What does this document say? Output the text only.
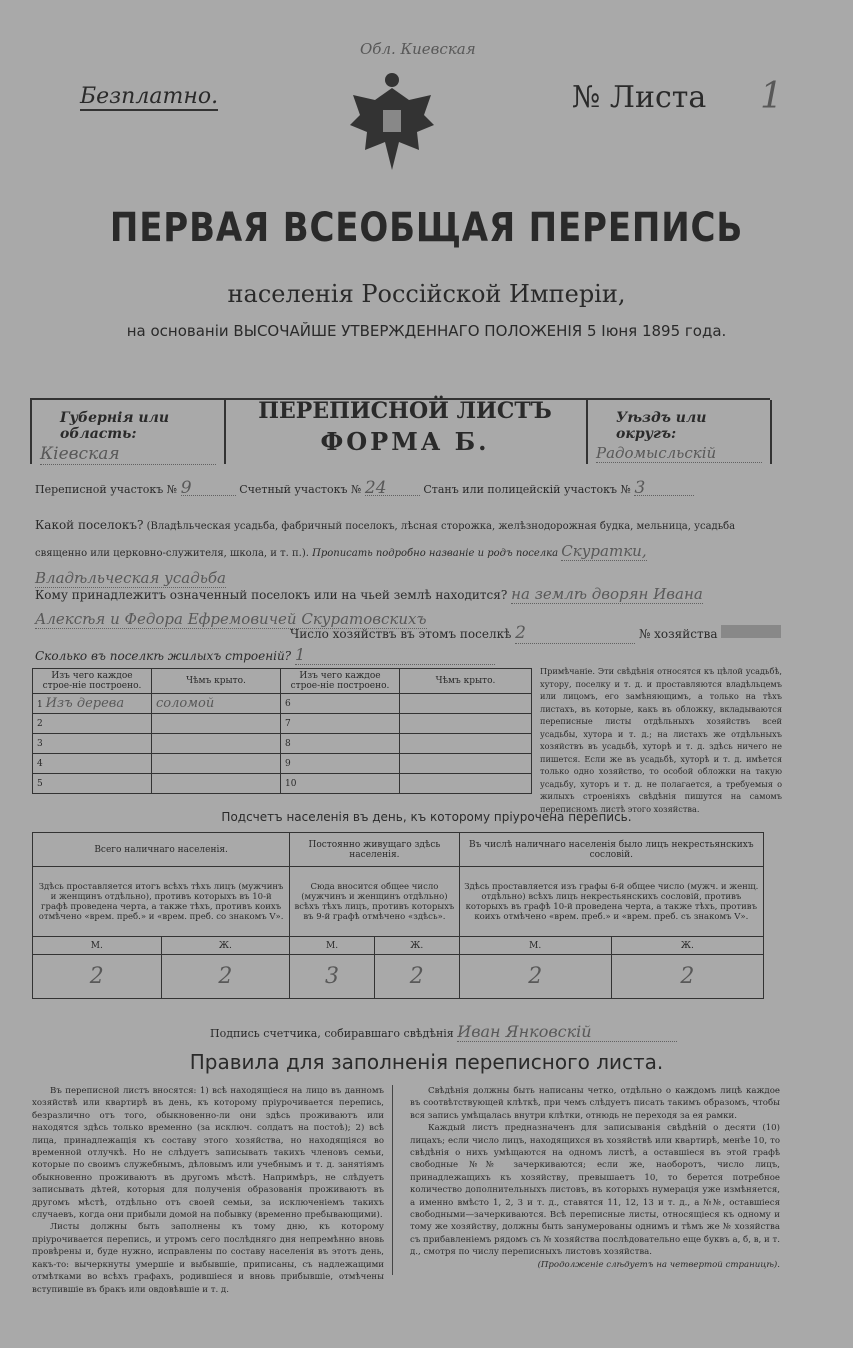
Обл. Киевская
Безплатно.	№ Листа 1
ПЕРВАЯ ВСЕОБЩАЯ ПЕРЕПИСЬ
населенія Россійской Имперіи,
на основаніи ВЫСОЧАЙШЕ УТВЕРЖДЕННАГО ПОЛОЖЕНІЯ 5 Іюня 1895 года.
Губернія или область:
Кіевская
ПЕРЕПИСНОЙ ЛИСТЪ
ФОРМА Б.
Уѣздъ или округъ:
Радомысльскій
Переписной участокъ № 9	Счетный участокъ № 24	Станъ или полицейскій участокъ № 3
Какой поселокъ? (Владѣльческая усадьба, фабричный поселокъ, лѣсная сторожка, желѣзнодорожная будка, мельница, усадьба священно или церковно-служителя, школа, и т. п.). Прописать подробно названіе и родъ поселка Скуратки, Владѣльческая усадьба
Кому принадлежитъ означенный поселокъ или на чьей землѣ находится? на землѣ дворян Ивана Алексѣя и Федора Ефремовичей Скуратовскихъ
Число хозяйствъ въ этомъ поселкѣ 2	№ хозяйства
Сколько въ поселкѣ жилыхъ строеній? 1
Изъ чего каждое строе-ніе построено.	Чѣмъ крыто.	Изъ чего каждое строе-ніе построено.	Чѣмъ крыто.
1 Изъ дерева	соломой	6	
2		7	
3		8	
4		9	
5		10	
Примѣчаніе. Эти свѣдѣнія относятся къ цѣлой усадьбѣ, хутору, поселку и т. д. и проставляются владѣльцемъ или лицомъ, его замѣняющимъ, а только на тѣхъ листахъ, въ которые, какъ въ обложку, вкладываются переписные листы отдѣльныхъ хозяйствъ всей усадьбы, хутора и т. д.; на листахъ же отдѣльныхъ хозяйствъ въ усадьбѣ, хуторѣ и т. д. здѣсь ничего не пишется. Если же въ усадьбѣ, хуторѣ и т. д. имѣется только одно хозяйство, то особой обложки на такую усадьбу, хуторъ и т. д. не полагается, а требуемыя о жилыхъ строеніяхъ свѣдѣнія пишутся на самомъ переписномъ листѣ этого хозяйства.
Подсчетъ населенія въ день, къ которому пріурочена перепись.
Всего наличнаго населенія.		Постоянно живущаго здѣсь населенія.		Въ числѣ наличнаго населенія было лицъ некрестьянскихъ сословій.	
Здѣсь проставляется итогъ всѣхъ тѣхъ лицъ (мужчинъ и женщинъ отдѣльно), противъ которыхъ въ 10-й графѣ проведена черта, а также тѣхъ, противъ коихъ отмѣчено «врем. преб.» и «врем. преб. со знакомъ V».		Сюда вносится общее число (мужчинъ и женщинъ отдѣльно) всѣхъ тѣхъ лицъ, противъ которыхъ въ 9-й графѣ отмѣчено «здѣсь».		Здѣсь проставляется изъ графы 6-й общее число (мужч. и женщ. отдѣльно) всѣхъ лицъ некрестьянскихъ сословій, противъ которыхъ въ графѣ 10-й проведена черта, а также тѣхъ, противъ коихъ отмѣчено «врем. преб.» и «врем. преб. съ знакомъ V».	
М.	Ж.	М.	Ж.	М.	Ж.
2	2	3	2	2	2
Подпись счетчика, собиравшаго свѣдѣнія Иван Янковскій
Правила для заполненія переписного листа.

Въ переписной листъ вносятся: 1) всѣ находящіеся на лицо въ данномъ хозяйствѣ или квартирѣ въ день, къ которому пріурочивается перепись, безразлично отъ того, обыкновенно-ли они здѣсь проживаютъ или находятся здѣсь только временно (за исключ. солдатъ на постоѣ); 2) всѣ лица, принадлежащія къ составу этого хозяйства, но находящіяся во временной отлучкѣ. Но не слѣдуетъ записывать такихъ членовъ семьи, которые по своимъ служебнымъ, дѣловымъ или учебнымъ и т. д. занятіямъ обыкновенно проживаютъ въ другомъ мѣстѣ. Напримѣръ, не слѣдуетъ записывать дѣтей, которыя для полученія образованія проживаютъ въ другомъ мѣстѣ, отдѣльно отъ своей семьи, за исключеніемъ такихъ случаевъ, когда они прибыли домой на побывку (временно пребывающими).

Листы должны быть заполнены къ тому дню, къ которому пріурочивается перепись, и утромъ сего послѣдняго дня непремѣнно вновь провѣрены и, буде нужно, исправлены по составу населенія въ этотъ день, какъ-то: вычеркнуты умершіе и выбывшіе, приписаны, съ надлежащими отмѣтками во всѣхъ графахъ, родившіеся и вновь прибывшіе, отмѣчены вступившіе въ бракъ или овдовѣвшіе и т. д.

Свѣдѣнія должны быть написаны четко, отдѣльно о каждомъ лицѣ каждое въ соотвѣтствующей клѣткѣ, при чемъ слѣдуетъ писать такимъ образомъ, чтобы вся запись умѣщалась внутри клѣтки, отнюдь не переходя за ея рамки.

Каждый листъ предназначенъ для записыванія свѣдѣній о десяти (10) лицахъ; если число лицъ, находящихся въ хозяйствѣ или квартирѣ, менѣе 10, то свѣдѣнія о нихъ умѣщаются на одномъ листѣ, а оставшіеся въ этой графѣ свободные №№ зачеркиваются; если же, наоборотъ, число лицъ, принадлежащихъ къ хозяйству, превышаетъ 10, то берется потребное количество дополнительныхъ листовъ, въ которыхъ нумерація уже измѣняется, а именно вмѣсто 1, 2, 3 и т. д., ставятся 11, 12, 13 и т. д., а №№, оставшіеся свободными—зачеркиваются. Всѣ переписные листы, относящіеся къ одному и тому же хозяйству, должны быть занумерованы однимъ и тѣмъ же № хозяйства съ прибавленіемъ рядомъ съ № хозяйства послѣдовательно еще буквъ а, б, в, и т. д., смотря по числу переписныхъ листовъ хозяйства.

(Продолженіе слѣдуетъ на четвертой страницѣ).
